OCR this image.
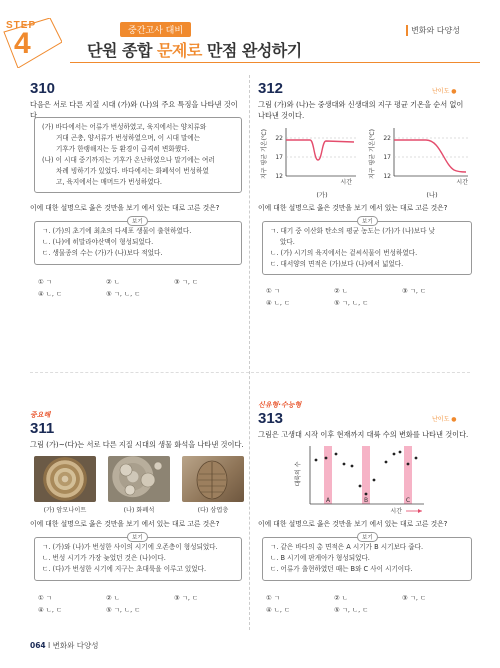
STEP
4	중간고사 대비
단원 종합 문제로 만점 완성하기
변화와 다양성
310
다음은 서로 다른 지질 시대 (가)와 (나)의 주요 특징을 나타낸 것이다.
(가) 바다에서는 어류가 번성하였고, 육지에서는 양치류와
거대 곤충, 양서류가 번성하였으며, 이 시대 말에는
기후가 한랭해지는 등 환경이 급격히 변화했다.
(나) 이 시대 중기까지는 기후가 온난하였으나 말기에는 여러
차례 빙하기가 있었다. 바다에서는 화폐석이 번성하였
고, 육지에서는 매머드가 번성하였다.
이에 대한 설명으로 옳은 것만을 보기 에서 있는 대로 고른 것은?
ㄱ. (가)의 초기에 최초의 다세포 생물이 출현하였다.
ㄴ. (나)에 히말라야산맥이 형성되었다.
ㄷ. 생물종의 수는 (가)가 (나)보다 적었다.
보기
① ㄱ	② ㄴ	③ ㄱ, ㄷ
④ ㄴ, ㄷ	⑤ ㄱ, ㄴ, ㄷ
312	난이도 ●
그림 (가)와 (나)는 중생대와 신생대의 지구 평균 기온을 순서 없이
나타낸 것이다.
지구 평균 기온(℃) 22
17
12
시간
(가)
지구 평균 기온(℃) 22
17
12
시간
(나)
이에 대한 설명으로 옳은 것만을 보기 에서 있는 대로 고른 것은?
ㄱ. 대기 중 이산화 탄소의 평균 농도는 (가)가 (나)보다 낮
았다.
ㄴ. (가) 시기의 육지에서는 겉씨식물이 번성하였다.
ㄷ. 대서양의 면적은 (가)보다 (나)에서 넓었다.
보기
① ㄱ	② ㄴ	③ ㄱ, ㄷ
④ ㄴ, ㄷ	⑤ ㄱ, ㄴ, ㄷ
중요해
311
그림 (가)~(다)는 서로 다른 지질 시대의 생물 화석을 나타낸 것이다.
(가) 암모나이트	(나) 화폐석	(다) 삼엽충
이에 대한 설명으로 옳은 것만을 보기 에서 있는 대로 고른 것은?
ㄱ. (가)와 (나)가 번성한 사이의 시기에 오존층이 형성되었다.
ㄴ. 번성 시기가 가장 늦었던 것은 (나)이다.
ㄷ. (다)가 번성한 시기에 지구는 초대륙을 이루고 있었다.
보기
① ㄱ	② ㄴ	③ ㄱ, ㄷ
④ ㄴ, ㄷ	⑤ ㄱ, ㄴ, ㄷ
신유형·수능형
313	난이도 ●
그림은 고생대 시작 이후 현재까지 대륙 수의 변화를 나타낸 것이다.
대륙의 수
A	B	C
시간
이에 대한 설명으로 옳은 것만을 보기 에서 있는 대로 고른 것은?
ㄱ. 같은 바다의 총 면적은 A 시기가 B 시기보다 줍다.
ㄴ. B 시기에 판게아가 형성되었다.
ㄷ. 어류가 출현하였던 때는 B와 C 사이 시기이다.
보기
① ㄱ	② ㄴ	③ ㄱ, ㄷ
④ ㄴ, ㄷ	⑤ ㄱ, ㄴ, ㄷ
064 Ⅰ 변화와 다양성
